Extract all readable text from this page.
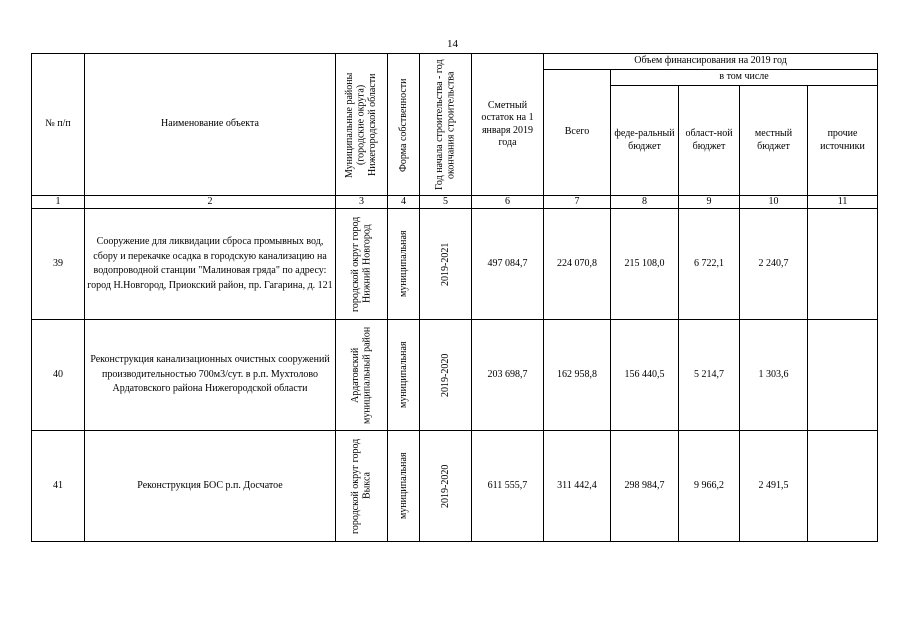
14
№ п/п	Наименование объекта	Муниципальные районы (городские округа) Нижегородской области	Форма собственности	Год начала строительства - год окончания строительства	Сметный остаток на 1 января 2019 года	Объем финансирования на 2019 год				
						Всего	в том числе			
							феде-ральный бюджет	област-ной бюджет	местный бюджет	прочие источники
1	2	3	4	5	6	7	8	9	10	11
39	Сооружение для ликвидации сброса промывных вод, сбору и перекачке осадка в городскую канализацию на водопроводной станции "Малиновая гряда" по адресу: город Н.Новгород, Приокский район, пр. Гагарина, д. 121	городской округ город Нижний Новгород	муниципальная	2019-2021	497 084,7	224 070,8	215 108,0	6 722,1	2 240,7	
40	Реконструкция канализационных очистных сооружений производительностью 700м3/сут. в р.п. Мухтолово Ардатовского района Нижегородской области	Ардатовский муниципальный район	муниципальная	2019-2020	203 698,7	162 958,8	156 440,5	5 214,7	1 303,6	
41	Реконструкция БОС р.п. Досчатое	городской округ город Выкса	муниципальная	2019-2020	611 555,7	311 442,4	298 984,7	9 966,2	2 491,5	
